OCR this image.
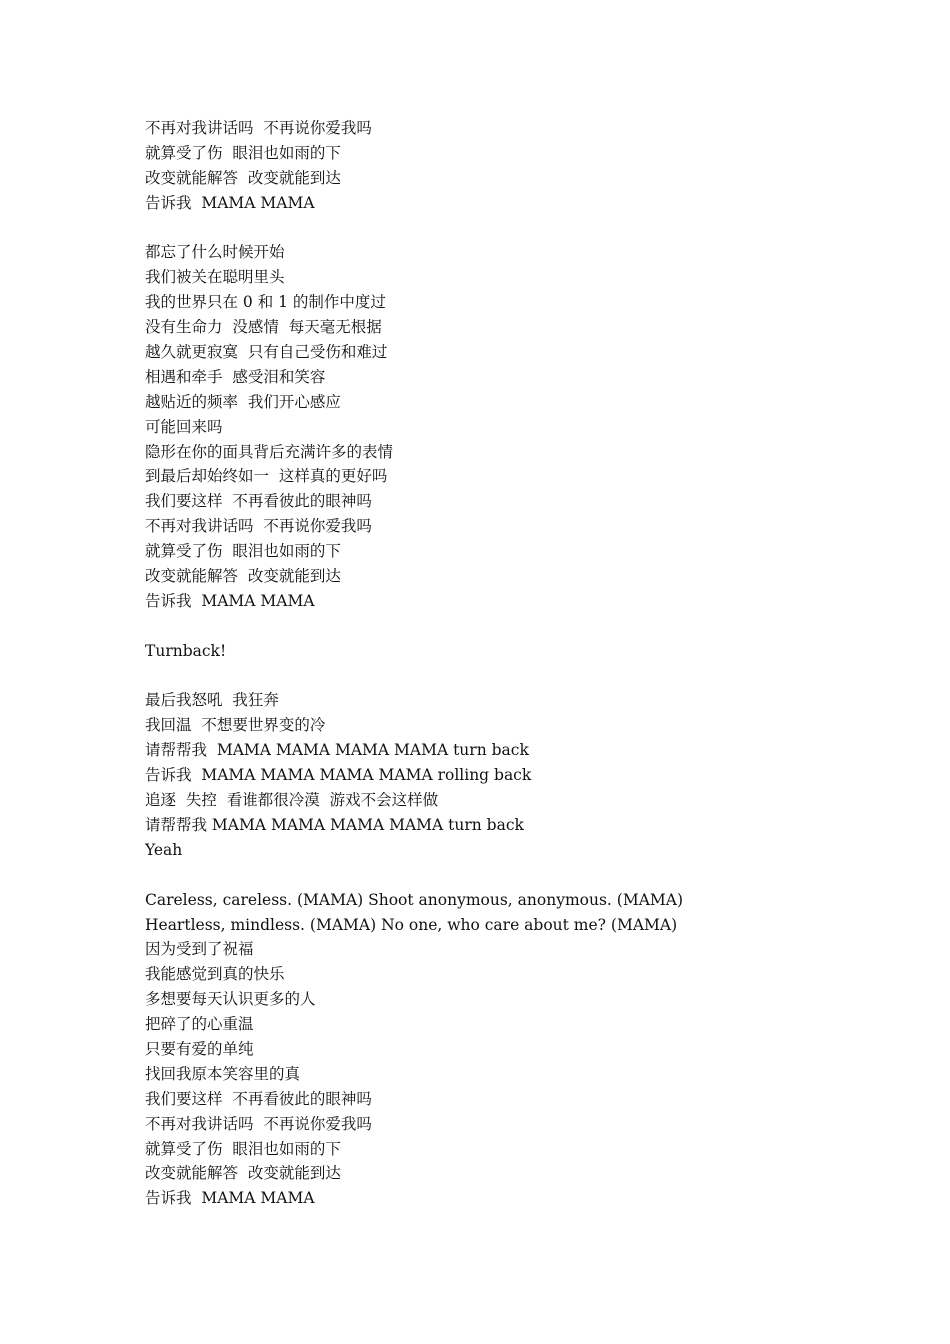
不再对我讲话吗  不再说你爱我吗
就算受了伤  眼泪也如雨的下
改变就能解答  改变就能到达
告诉我  MAMA MAMA
都忘了什么时候开始
我们被关在聪明里头
我的世界只在 0 和 1 的制作中度过
没有生命力  没感情  每天毫无根据
越久就更寂寞  只有自己受伤和难过
相遇和牵手  感受泪和笑容
越贴近的频率  我们开心感应
可能回来吗
隐形在你的面具背后充满许多的表情
到最后却始终如一  这样真的更好吗
我们要这样  不再看彼此的眼神吗
不再对我讲话吗  不再说你爱我吗
就算受了伤  眼泪也如雨的下
改变就能解答  改变就能到达
告诉我  MAMA MAMA
Turnback!
最后我怒吼  我狂奔
我回温  不想要世界变的冷
请帮帮我  MAMA MAMA MAMA MAMA turn back
告诉我  MAMA MAMA MAMA MAMA rolling back
追逐  失控  看谁都很冷漠  游戏不会这样做
请帮帮我 MAMA MAMA MAMA MAMA turn back
Yeah
Careless, careless. (MAMA) Shoot anonymous, anonymous. (MAMA)
Heartless, mindless. (MAMA) No one, who care about me? (MAMA)
因为受到了祝福
我能感觉到真的快乐
多想要每天认识更多的人
把碎了的心重温
只要有爱的单纯
找回我原本笑容里的真
我们要这样  不再看彼此的眼神吗
不再对我讲话吗  不再说你爱我吗
就算受了伤  眼泪也如雨的下
改变就能解答  改变就能到达
告诉我  MAMA MAMA
